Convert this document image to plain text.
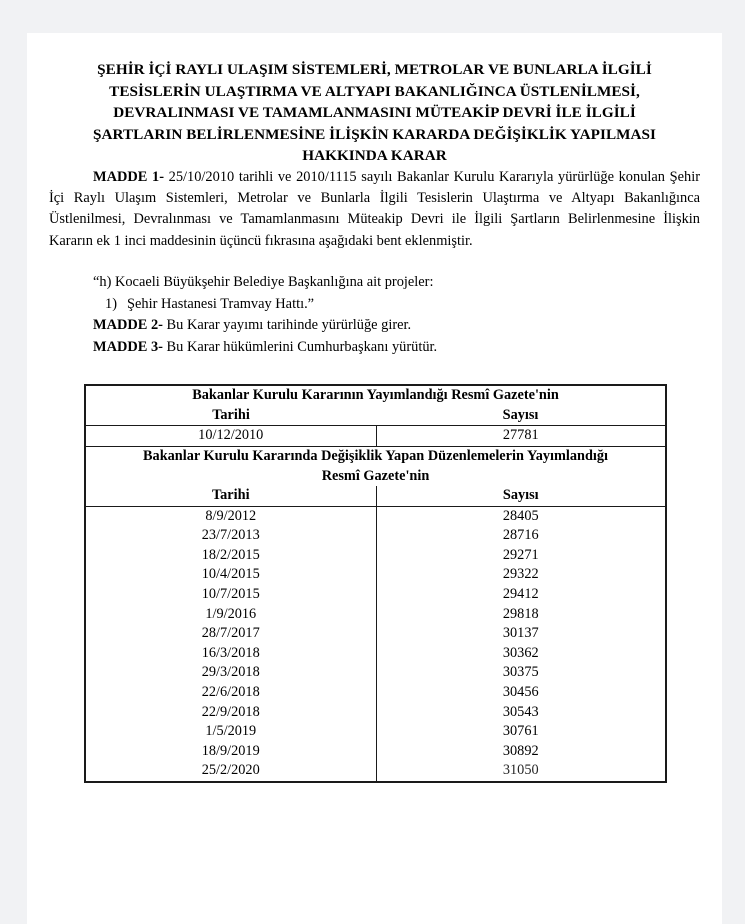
ŞEHİR İÇİ RAYLI ULAŞIM SİSTEMLERİ, METROLAR VE BUNLARLA İLGİLİ
TESİSLERİN ULAŞTIRMA VE ALTYAPI BAKANLIĞINCA ÜSTLENİLMESİ,
DEVRALINMASI VE TAMAMLANMASINI MÜTEAKİP DEVRİ İLE İLGİLİ
ŞARTLARIN BELİRLENMESİNE İLİŞKİN KARARDA DEĞİŞİKLİK YAPILMASI
HAKKINDA KARAR

MADDE 1- 25/10/2010 tarihli ve 2010/1115 sayılı Bakanlar Kurulu Kararıyla yürürlüğe konulan Şehir İçi Raylı Ulaşım Sistemleri, Metrolar ve Bunlarla İlgili Tesislerin Ulaştırma ve Altyapı Bakanlığınca Üstlenilmesi, Devralınması ve Tamamlanmasını Müteakip Devri ile İlgili Şartların Belirlenmesine İlişkin Kararın ek 1 inci maddesinin üçüncü fıkrasına aşağıdaki bent eklenmiştir.

“h) Kocaeli Büyükşehir Belediye Başkanlığına ait projeler:
1) Şehir Hastanesi Tramvay Hattı.”

MADDE 2- Bu Karar yayımı tarihinde yürürlüğe girer.

MADDE 3- Bu Karar hükümlerini Cumhurbaşkanı yürütür.

Bakanlar Kurulu Kararının Yayımlandığı Resmî Gazete'nin	
Tarihi	Sayısı
10/12/2010	27781
Bakanlar Kurulu Kararında Değişiklik Yapan Düzenlemelerin Yayımlandığı	
Resmî Gazete'nin	
Tarihi	Sayısı
8/9/2012	28405
23/7/2013	28716
18/2/2015	29271
10/4/2015	29322
10/7/2015	29412
1/9/2016	29818
28/7/2017	30137
16/3/2018	30362
29/3/2018	30375
22/6/2018	30456
22/9/2018	30543
1/5/2019	30761
18/9/2019	30892
25/2/2020	31050
